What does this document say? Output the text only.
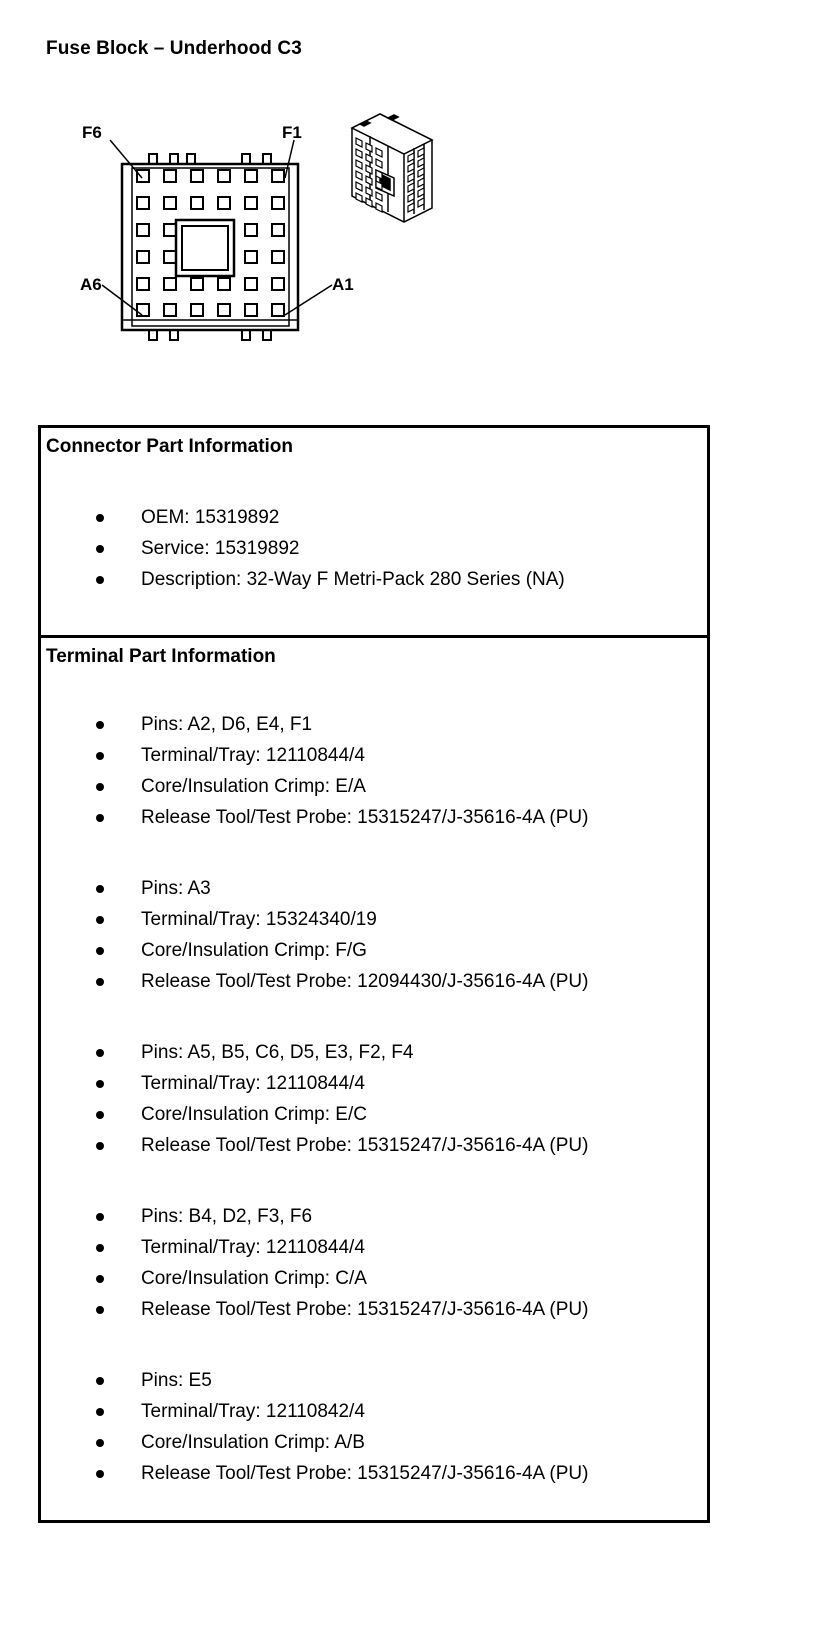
Fuse Block – Underhood C3
F6	F1
A6	A1
Connector Part Information
OEM: 15319892
Service: 15319892
Description: 32-Way F Metri-Pack 280 Series (NA)
Terminal Part Information
Pins: A2, D6, E4, F1
Terminal/Tray: 12110844/4
Core/Insulation Crimp: E/A
Release Tool/Test Probe: 15315247/J-35616-4A (PU)
Pins: A3
Terminal/Tray: 15324340/19
Core/Insulation Crimp: F/G
Release Tool/Test Probe: 12094430/J-35616-4A (PU)
Pins: A5, B5, C6, D5, E3, F2, F4
Terminal/Tray: 12110844/4
Core/Insulation Crimp: E/C
Release Tool/Test Probe: 15315247/J-35616-4A (PU)
Pins: B4, D2, F3, F6
Terminal/Tray: 12110844/4
Core/Insulation Crimp: C/A
Release Tool/Test Probe: 15315247/J-35616-4A (PU)
Pins: E5
Terminal/Tray: 12110842/4
Core/Insulation Crimp: A/B
Release Tool/Test Probe: 15315247/J-35616-4A (PU)
